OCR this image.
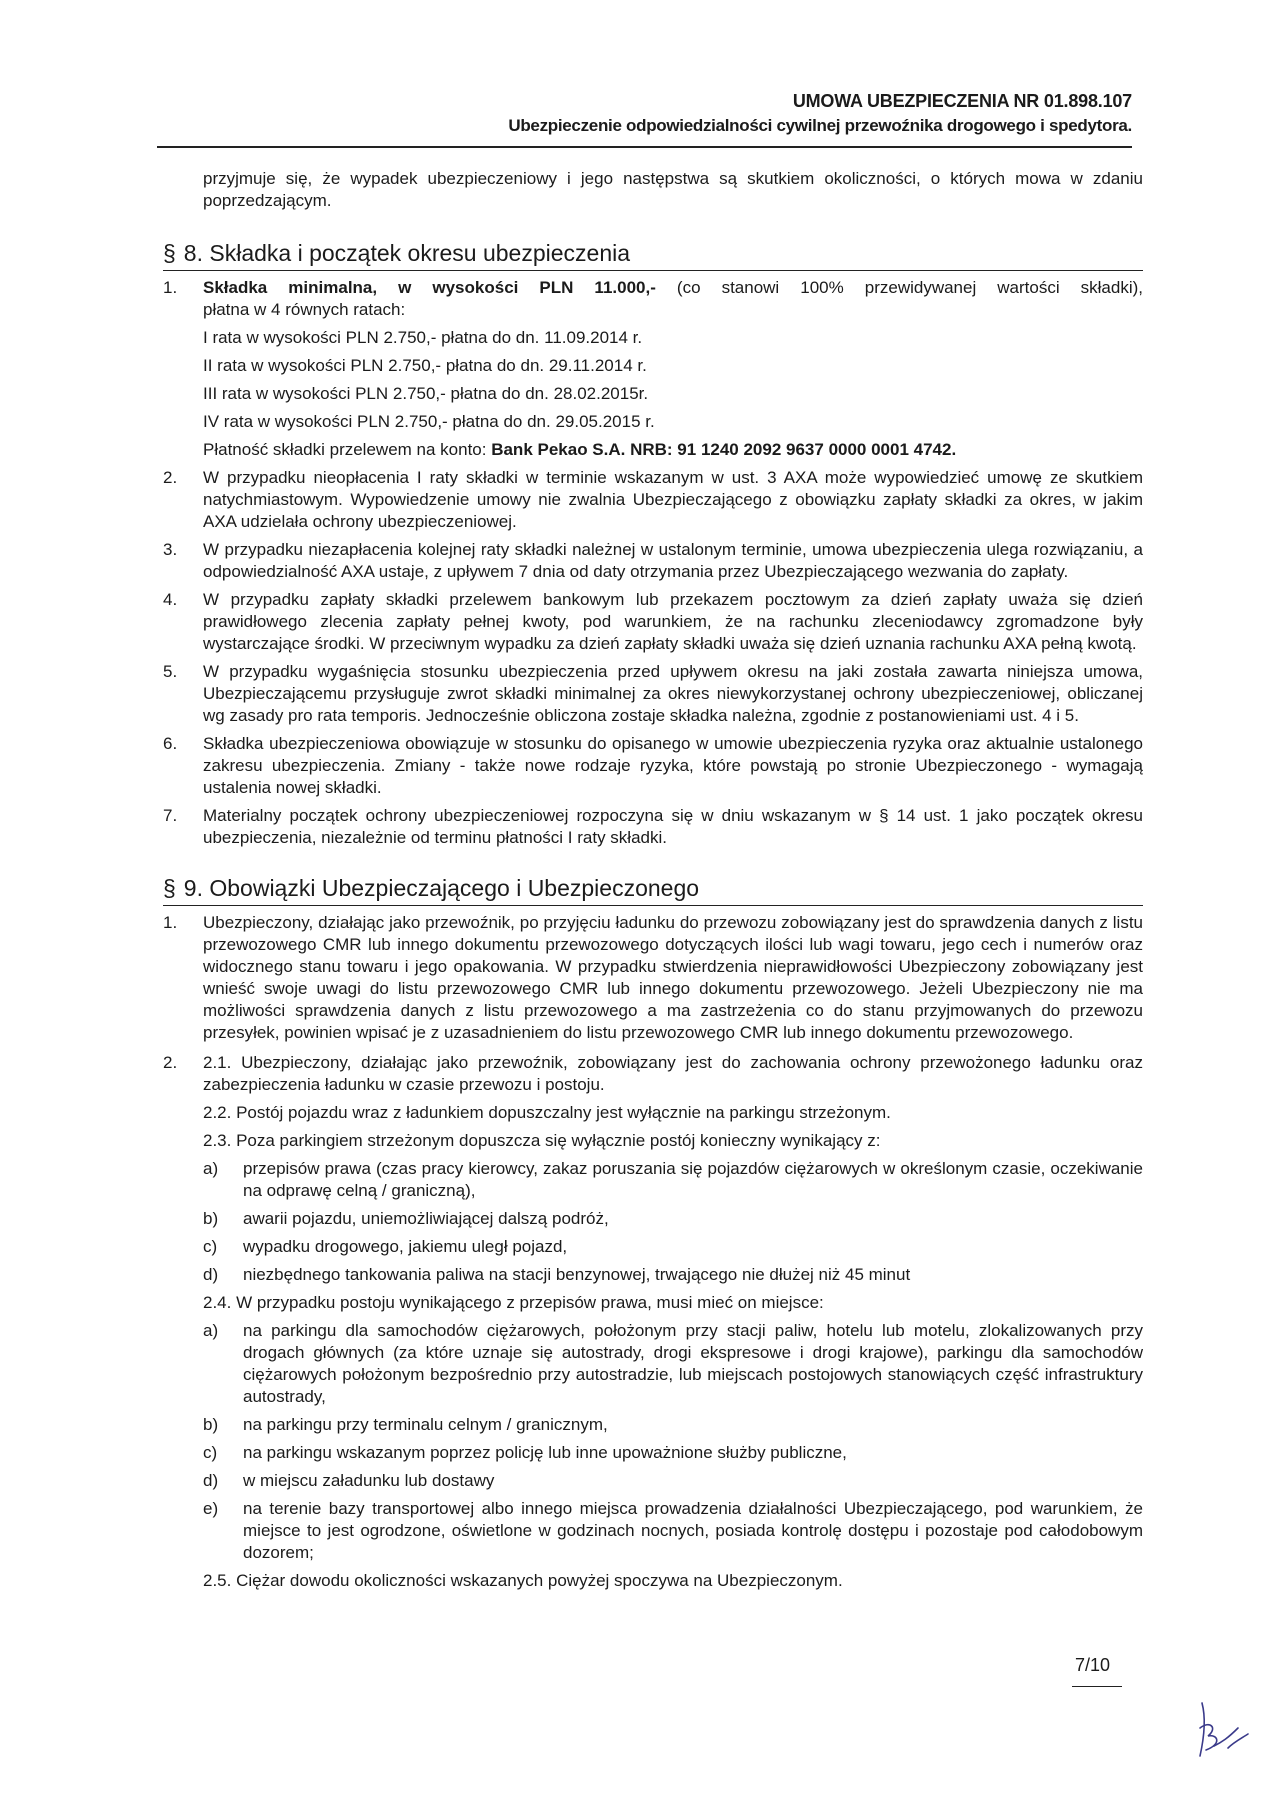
UMOWA UBEZPIECZENIA NR 01.898.107
Ubezpieczenie odpowiedzialności cywilnej przewoźnika drogowego i spedytora.

przyjmuje się, że wypadek ubezpieczeniowy i jego następstwa są skutkiem okoliczności, o których mowa w zdaniu poprzedzającym.

§ 8. Składka i początek okresu ubezpieczenia
1.	Składka minimalna, w wysokości PLN 11.000,- (co stanowi 100% przewidywanej wartości składki),
płatna w 4 równych ratach:
I rata w wysokości PLN 2.750,- płatna do dn. 11.09.2014 r.
II rata w wysokości PLN 2.750,- płatna do dn. 29.11.2014 r.
III rata w wysokości PLN 2.750,- płatna do dn. 28.02.2015r.
IV rata w wysokości PLN 2.750,- płatna do dn. 29.05.2015 r.
Płatność składki przelewem na konto: Bank Pekao S.A. NRB: 91 1240 2092 9637 0000 0001 4742.
2.	W przypadku nieopłacenia I raty składki w terminie wskazanym w ust. 3 AXA może wypowiedzieć umowę ze skutkiem natychmiastowym. Wypowiedzenie umowy nie zwalnia Ubezpieczającego z obowiązku zapłaty składki za okres, w jakim AXA udzielała ochrony ubezpieczeniowej.
3.	W przypadku niezapłacenia kolejnej raty składki należnej w ustalonym terminie, umowa ubezpieczenia ulega rozwiązaniu, a odpowiedzialność AXA ustaje, z upływem 7 dnia od daty otrzymania przez Ubezpieczającego wezwania do zapłaty.
4.	W przypadku zapłaty składki przelewem bankowym lub przekazem pocztowym za dzień zapłaty uważa się dzień prawidłowego zlecenia zapłaty pełnej kwoty, pod warunkiem, że na rachunku zleceniodawcy zgromadzone były wystarczające środki. W przeciwnym wypadku za dzień zapłaty składki uważa się dzień uznania rachunku AXA pełną kwotą.
5.	W przypadku wygaśnięcia stosunku ubezpieczenia przed upływem okresu na jaki została zawarta niniejsza umowa, Ubezpieczającemu przysługuje zwrot składki minimalnej za okres niewykorzystanej ochrony ubezpieczeniowej, obliczanej wg zasady pro rata temporis. Jednocześnie obliczona zostaje składka należna, zgodnie z postanowieniami ust. 4 i 5.
6.	Składka ubezpieczeniowa obowiązuje w stosunku do opisanego w umowie ubezpieczenia ryzyka oraz aktualnie ustalonego zakresu ubezpieczenia. Zmiany - także nowe rodzaje ryzyka, które powstają po stronie Ubezpieczonego - wymagają ustalenia nowej składki.
7.	Materialny początek ochrony ubezpieczeniowej rozpoczyna się w dniu wskazanym w § 14 ust. 1 jako początek okresu ubezpieczenia, niezależnie od terminu płatności I raty składki.
§ 9. Obowiązki Ubezpieczającego i Ubezpieczonego
1.	Ubezpieczony, działając jako przewoźnik, po przyjęciu ładunku do przewozu zobowiązany jest do sprawdzenia danych z listu przewozowego CMR lub innego dokumentu przewozowego dotyczących ilości lub wagi towaru, jego cech i numerów oraz widocznego stanu towaru i jego opakowania. W przypadku stwierdzenia nieprawidłowości Ubezpieczony zobowiązany jest wnieść swoje uwagi do listu przewozowego CMR lub innego dokumentu przewozowego. Jeżeli Ubezpieczony nie ma możliwości sprawdzenia danych z listu przewozowego a ma zastrzeżenia co do stanu przyjmowanych do przewozu przesyłek, powinien wpisać je z uzasadnieniem do listu przewozowego CMR lub innego dokumentu przewozowego.
2.	2.1. Ubezpieczony, działając jako przewoźnik, zobowiązany jest do zachowania ochrony przewożonego ładunku oraz zabezpieczenia ładunku w czasie przewozu i postoju.
2.2. Postój pojazdu wraz z ładunkiem dopuszczalny jest wyłącznie na parkingu strzeżonym.
2.3. Poza parkingiem strzeżonym dopuszcza się wyłącznie postój konieczny wynikający z:
a)	przepisów prawa (czas pracy kierowcy, zakaz poruszania się pojazdów ciężarowych w określonym czasie, oczekiwanie na odprawę celną / graniczną),
b)	awarii pojazdu, uniemożliwiającej dalszą podróż,
c)	wypadku drogowego, jakiemu uległ pojazd,
d)	niezbędnego tankowania paliwa na stacji benzynowej, trwającego nie dłużej niż 45 minut
2.4. W przypadku postoju wynikającego z przepisów prawa, musi mieć on miejsce:
a)	na parkingu dla samochodów ciężarowych, położonym przy stacji paliw, hotelu lub motelu, zlokalizowanych przy drogach głównych (za które uznaje się autostrady, drogi ekspresowe i drogi krajowe), parkingu dla samochodów ciężarowych położonym bezpośrednio przy autostradzie, lub miejscach postojowych stanowiących część infrastruktury autostrady,
b)	na parkingu przy terminalu celnym / granicznym,
c)	na parkingu wskazanym poprzez policję lub inne upoważnione służby publiczne,
d)	w miejscu załadunku lub dostawy
e)	na terenie bazy transportowej albo innego miejsca prowadzenia działalności Ubezpieczającego, pod warunkiem, że miejsce to jest ogrodzone, oświetlone w godzinach nocnych, posiada kontrolę dostępu i pozostaje pod całodobowym dozorem;
2.5. Ciężar dowodu okoliczności wskazanych powyżej spoczywa na Ubezpieczonym.
7/10
